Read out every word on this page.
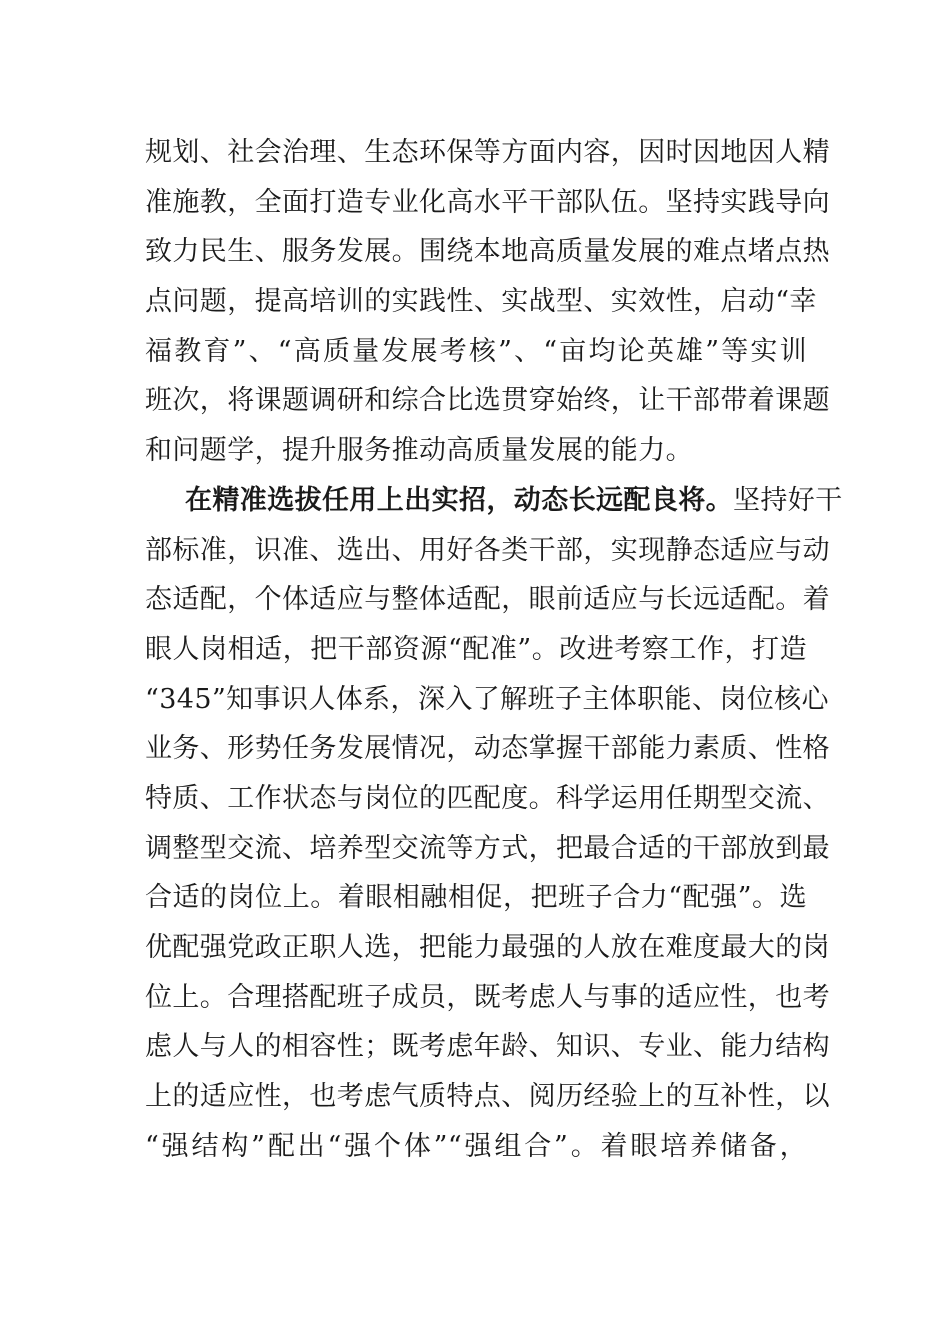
规划、社会治理、生态环保等方面内容，因时因地因人精
准施教，全面打造专业化高水平干部队伍。坚持实践导向
致力民生、服务发展。围绕本地高质量发展的难点堵点热
点问题，提高培训的实践性、实战型、实效性，启动“幸
福教育”、“高质量发展考核”、“亩均论英雄”等实训
班次，将课题调研和综合比选贯穿始终，让干部带着课题
和问题学，提升服务推动高质量发展的能力。
在精准选拔任用上出实招，动态长远配良将。坚持好干
部标准，识准、选出、用好各类干部，实现静态适应与动
态适配，个体适应与整体适配，眼前适应与长远适配。着
眼人岗相适，把干部资源“配准”。改进考察工作，打造
“345”知事识人体系，深入了解班子主体职能、岗位核心
业务、形势任务发展情况，动态掌握干部能力素质、性格
特质、工作状态与岗位的匹配度。科学运用任期型交流、
调整型交流、培养型交流等方式，把最合适的干部放到最
合适的岗位上。着眼相融相促，把班子合力“配强”。选
优配强党政正职人选，把能力最强的人放在难度最大的岗
位上。合理搭配班子成员，既考虑人与事的适应性，也考
虑人与人的相容性；既考虑年龄、知识、专业、能力结构
上的适应性，也考虑气质特点、阅历经验上的互补性，以
“强结构”配出“强个体”“强组合”。着眼培养储备，
